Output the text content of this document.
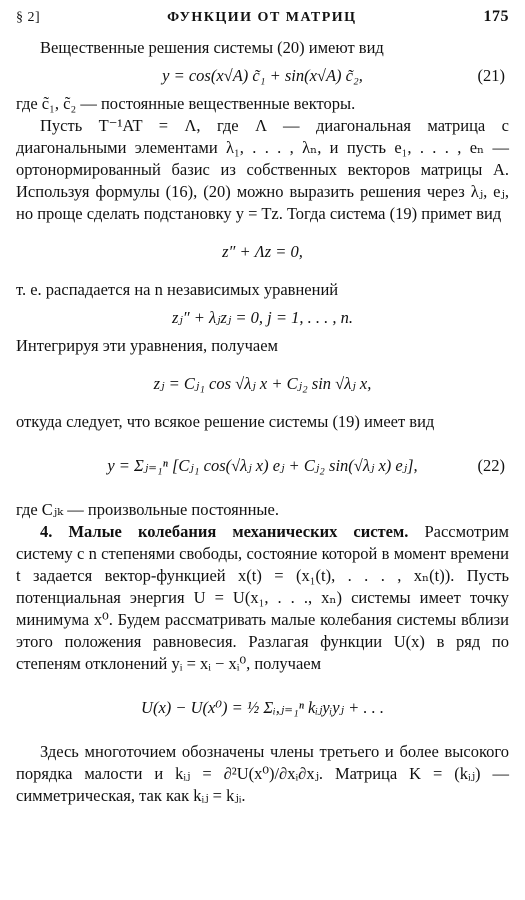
§ 2]	ФУНКЦИИ ОТ МАТРИЦ	175

Вещественные решения системы (20) имеют вид

y = cos(x√A) c̃₁ + sin(x√A) c̃₂,	(21)

где c̃₁, c̃₂ — постоянные вещественные векторы.

Пусть T⁻¹AT = Λ, где Λ — диагональная матрица с диагональными элементами λ₁, . . . , λₙ, и пусть e₁, . . . , eₙ — ортонормированный базис из собственных векторов матрицы A. Используя формулы (16), (20) можно выразить решения через λⱼ, eⱼ, но проще сделать подстановку y = Tz. Тогда система (19) примет вид

z″ + Λz = 0,

т. е. распадается на n независимых уравнений

zⱼ″ + λⱼzⱼ = 0, j = 1, . . . , n.

Интегрируя эти уравнения, получаем

zⱼ = Cⱼ₁ cos √λⱼ x + Cⱼ₂ sin √λⱼ x,

откуда следует, что всякое решение системы (19) имеет вид

y = Σⱼ₌₁ⁿ [Cⱼ₁ cos(√λⱼ x) eⱼ + Cⱼ₂ sin(√λⱼ x) eⱼ],	(22)

где Cⱼₖ — произвольные постоянные.

4. Малые колебания механических систем. Рассмотрим систему с n степенями свободы, состояние которой в момент времени t задается вектор-функцией x(t) = (x₁(t), . . . , xₙ(t)). Пусть потенциальная энергия U = U(x₁, . . ., xₙ) системы имеет точку минимума x⁰. Будем рассматривать малые колебания системы вблизи этого положения равновесия. Разлагая функции U(x) в ряд по степеням отклонений yᵢ = xᵢ − xᵢ⁰, получаем

U(x) − U(x⁰) = ½ Σᵢ,ⱼ₌₁ⁿ kᵢⱼyᵢyⱼ + . . .

Здесь многоточием обозначены члены третьего и более высокого порядка малости и kᵢⱼ = ∂²U(x⁰)/∂xᵢ∂xⱼ. Матрица K = (kᵢⱼ) — симметрическая, так как kᵢⱼ = kⱼᵢ.
